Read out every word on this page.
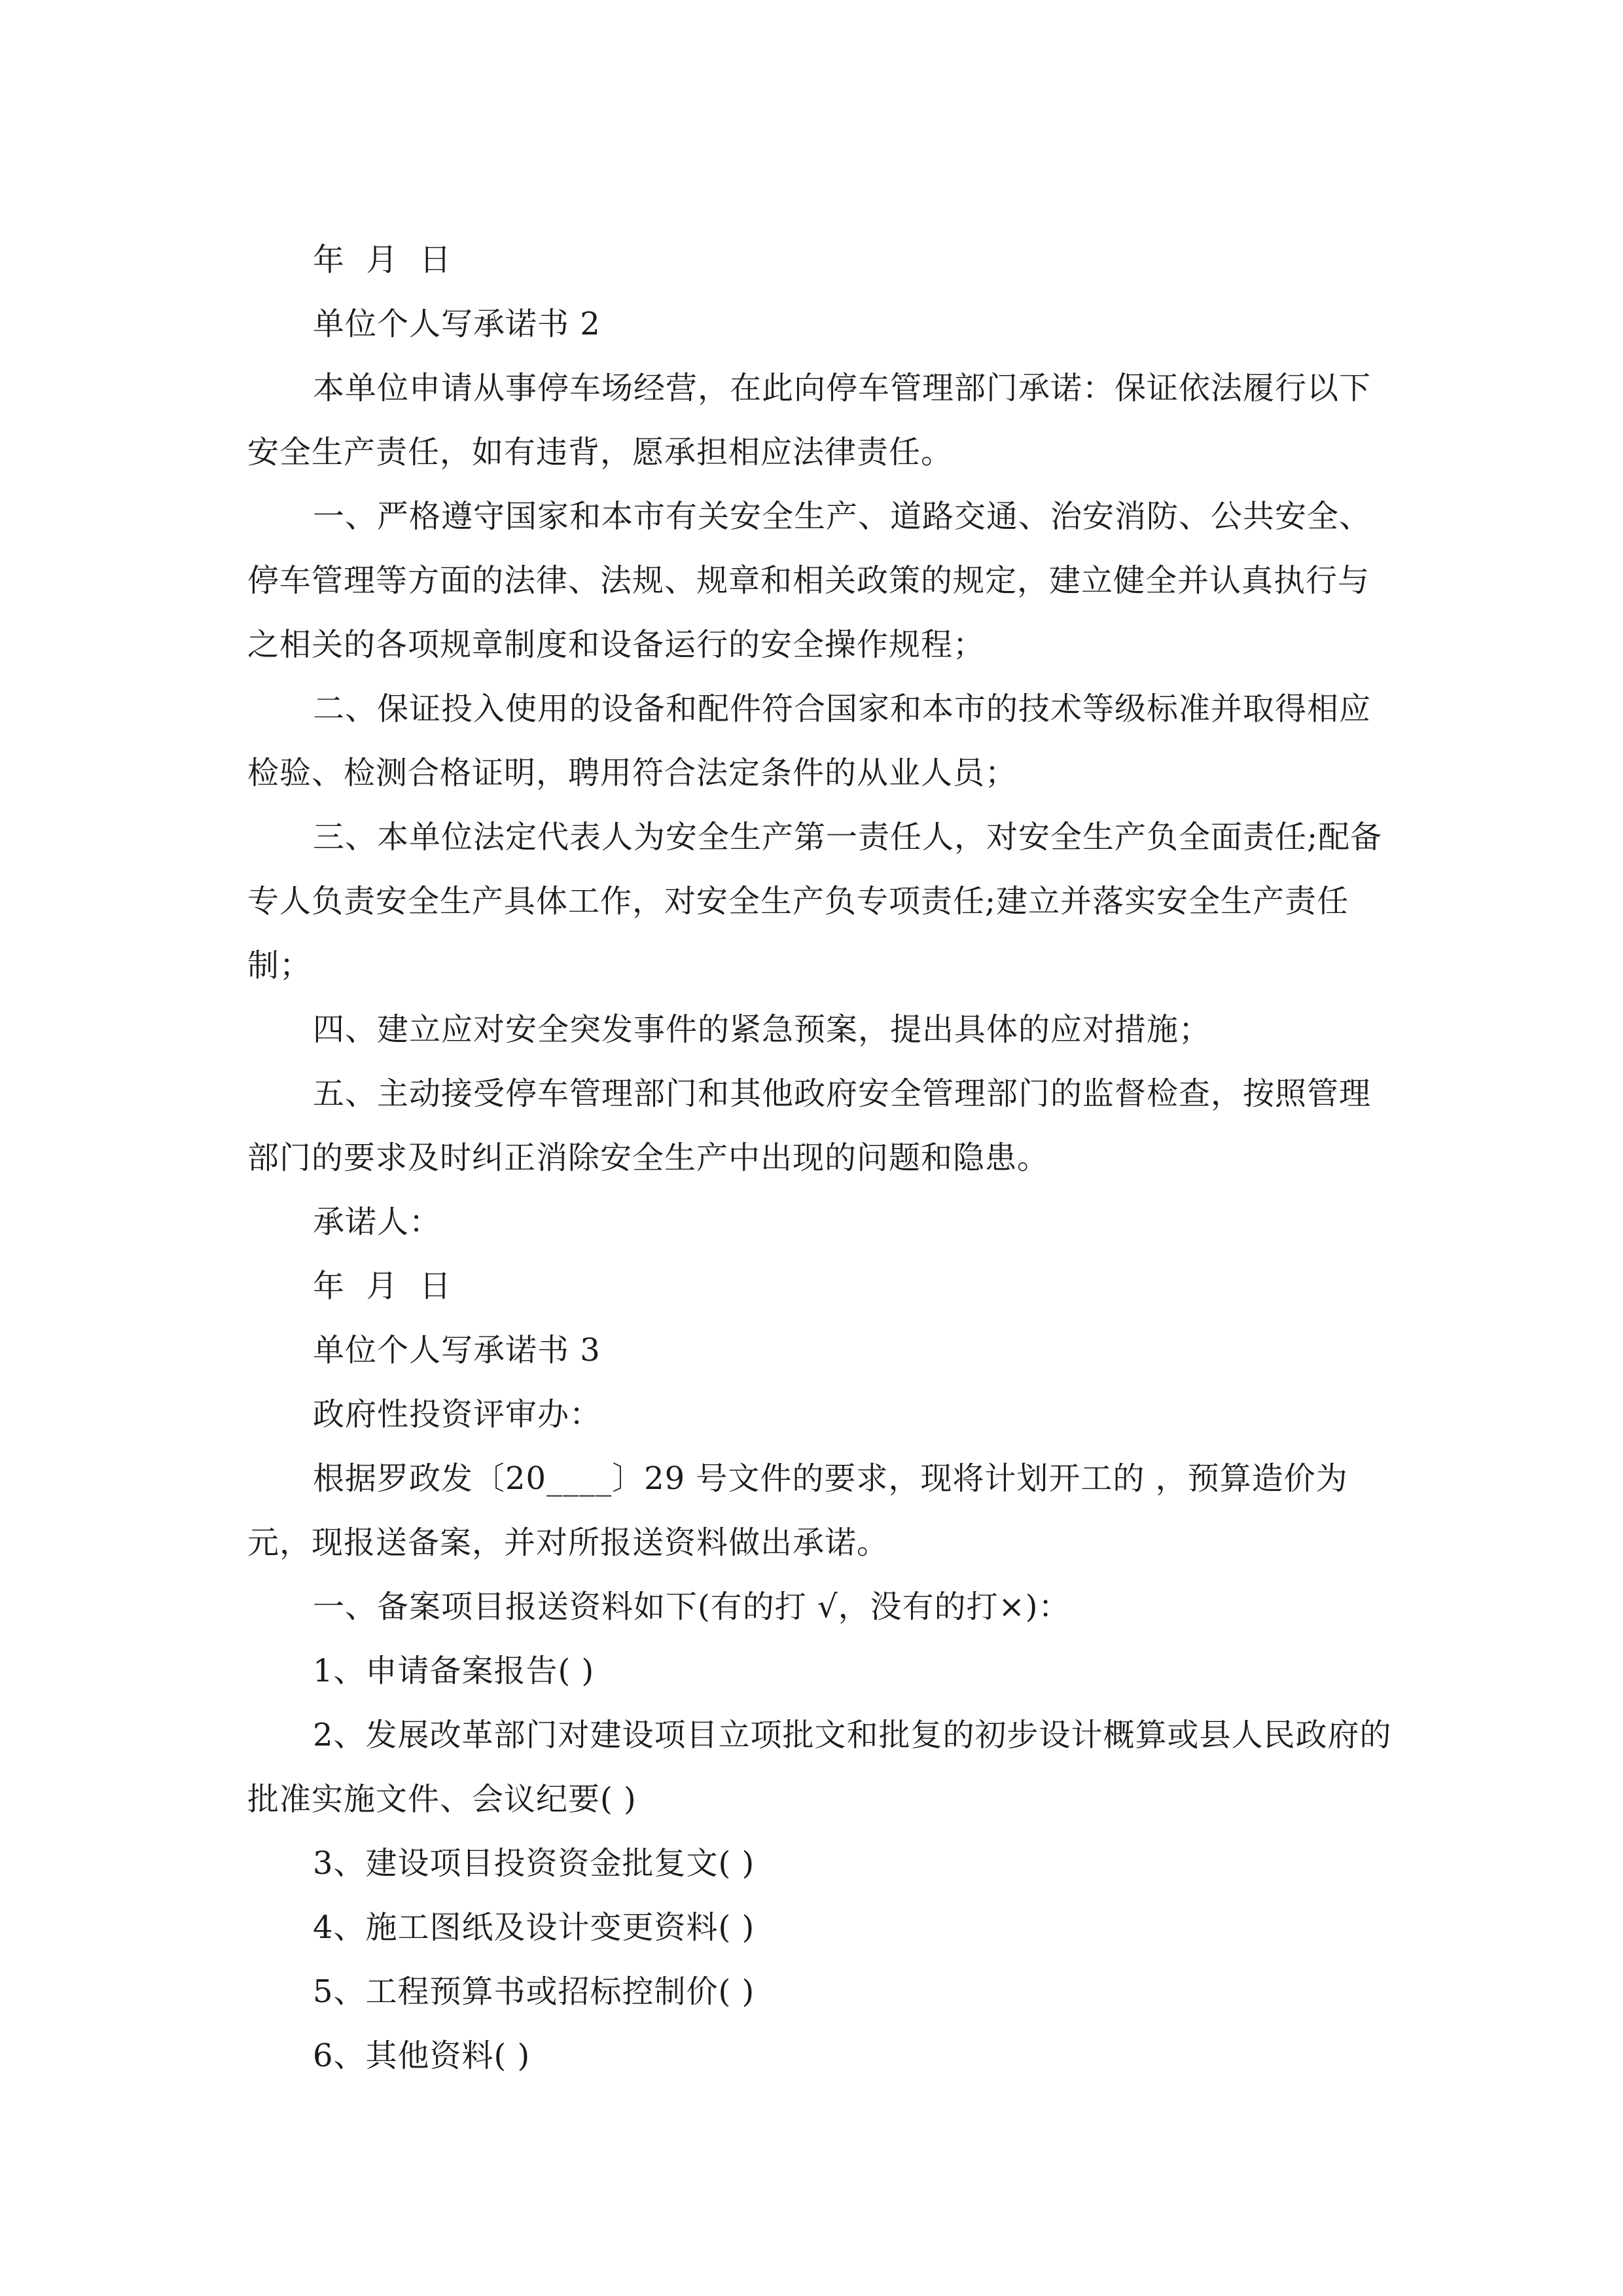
年  月  日

单位个人写承诺书 2

本单位申请从事停车场经营，在此向停车管理部门承诺：保证依法履行以下安全生产责任，如有违背，愿承担相应法律责任。

一、严格遵守国家和本市有关安全生产、道路交通、治安消防、公共安全、停车管理等方面的法律、法规、规章和相关政策的规定，建立健全并认真执行与之相关的各项规章制度和设备运行的安全操作规程；

二、保证投入使用的设备和配件符合国家和本市的技术等级标准并取得相应检验、检测合格证明，聘用符合法定条件的从业人员；

三、本单位法定代表人为安全生产第一责任人，对安全生产负全面责任;配备专人负责安全生产具体工作，对安全生产负专项责任;建立并落实安全生产责任制；

四、建立应对安全突发事件的紧急预案，提出具体的应对措施；

五、主动接受停车管理部门和其他政府安全管理部门的监督检查，按照管理部门的要求及时纠正消除安全生产中出现的问题和隐患。

承诺人：

年  月  日

单位个人写承诺书 3

政府性投资评审办：

根据罗政发〔20____〕29 号文件的要求，现将计划开工的 ，预算造价为元，现报送备案，并对所报送资料做出承诺。

一、备案项目报送资料如下(有的打 √，没有的打×)：

1、申请备案报告( )

2、发展改革部门对建设项目立项批文和批复的初步设计概算或县人民政府的批准实施文件、会议纪要( )

3、建设项目投资资金批复文( )

4、施工图纸及设计变更资料( )

5、工程预算书或招标控制价( )

6、其他资料( )
